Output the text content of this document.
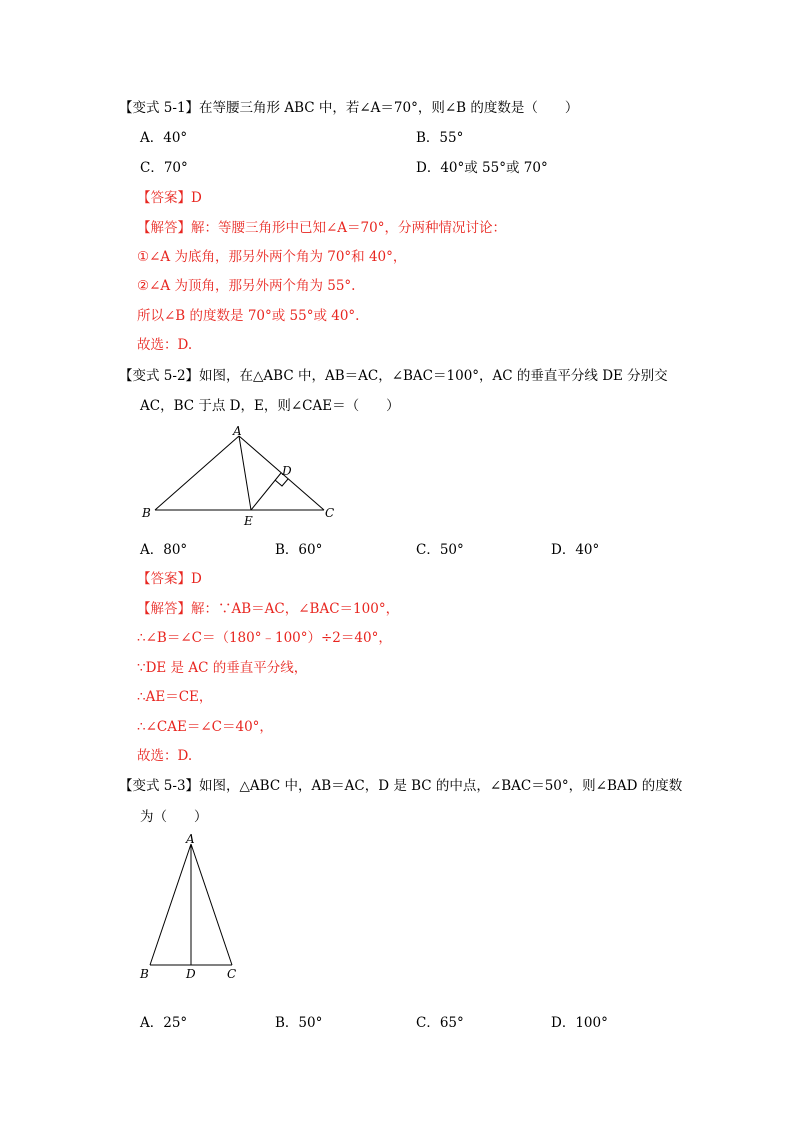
【变式 5-1】在等腰三角形 ABC 中，若∠A＝70°，则∠B 的度数是（　　）
A．40°	B．55°
C．70°	D．40°或 55°或 70°
【答案】D
【解答】解：等腰三角形中已知∠A＝70°，分两种情况讨论：
①∠A 为底角，那另外两个角为 70°和 40°，
②∠A 为顶角，那另外两个角为 55°.
所以∠B 的度数是 70°或 55°或 40°.
故选：D.
【变式 5-2】如图，在△ABC 中，AB＝AC，∠BAC＝100°，AC 的垂直平分线 DE 分别交
AC，BC 于点 D，E，则∠CAE＝（　　）
A
B	C
D
E
A．80°	B．60°	C．50°	D．40°
【答案】D
【解答】解：∵AB＝AC，∠BAC＝100°，
∴∠B＝∠C＝（180°﹣100°）÷2＝40°，
∵DE 是 AC 的垂直平分线，
∴AE＝CE，
∴∠CAE＝∠C＝40°，
故选：D.
【变式 5-3】如图，△ABC 中，AB＝AC，D 是 BC 的中点，∠BAC＝50°，则∠BAD 的度数
为（　　）
A
B	D	C
A．25°	B．50°	C．65°	D．100°
